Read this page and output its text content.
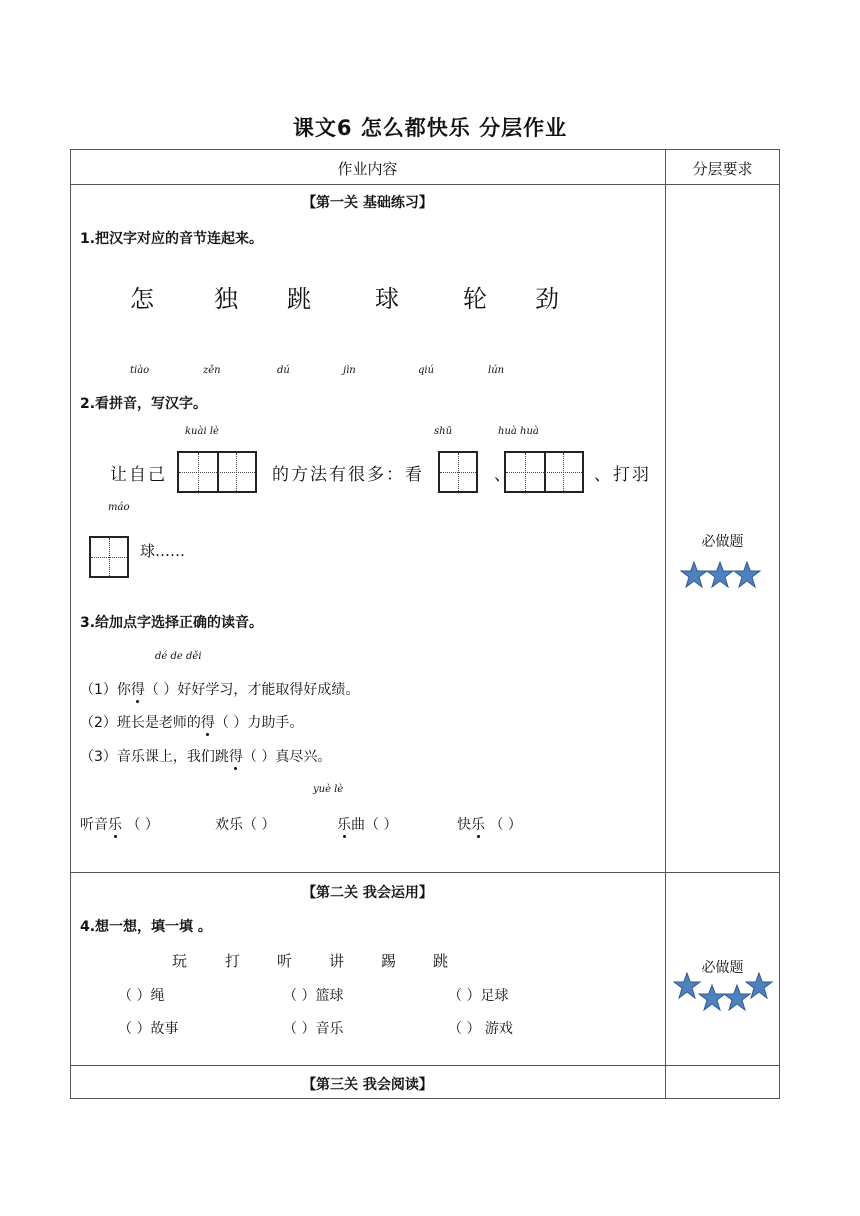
课文6 怎么都快乐 分层作业
作业内容	分层要求
【第一关 基础练习】
1.把汉字对应的音节连起来。
怎	独 跳	球	轮 劲
tiào	zěn	dú	jìn	qiú	lún
2.看拼音，写汉字。
kuài lè	shū	huà huà
让自己	的方法有很多：看	、	、打羽
máo
球……
3.给加点字选择正确的读音。
dé de děi
（1）你得（ ）好好学习，才能取得好成绩。
（2）班长是老师的得（ ）力助手。
（3）音乐课上，我们跳得（ ）真尽兴。
yuè lè
听音乐 （ ）	欢乐（ ）	乐曲（ ）	快乐 （ ）
必做题
【第二关 我会运用】
4.想一想，填一填 。
玩	打 听 讲 踢 跳
（ ）绳	（ ）篮球	（ ）足球
（ ）故事	（ ）音乐	（ ） 游戏
必做题
【第三关 我会阅读】
